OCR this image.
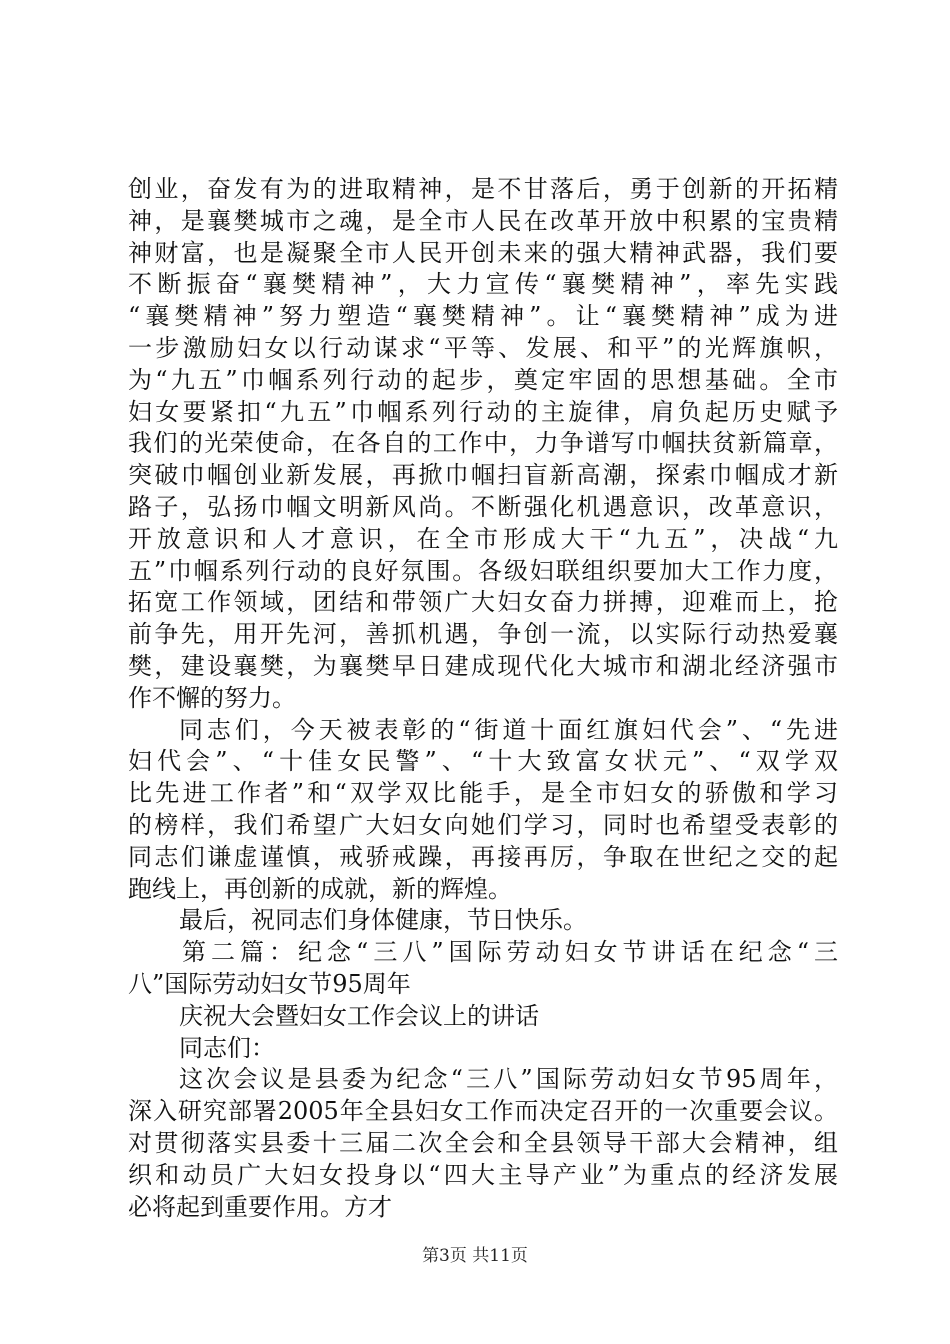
创业，奋发有为的进取精神，是不甘落后，勇于创新的开拓精
神，是襄樊城市之魂，是全市人民在改革开放中积累的宝贵精
神财富，也是凝聚全市人民开创未来的强大精神武器，我们要
不断振奋“襄樊精神”，大力宣传“襄樊精神”，率先实践
“襄樊精神”努力塑造“襄樊精神”。让“襄樊精神”成为进
一步激励妇女以行动谋求“平等、发展、和平”的光辉旗帜，
为“九五”巾帼系列行动的起步，奠定牢固的思想基础。全市
妇女要紧扣“九五”巾帼系列行动的主旋律，肩负起历史赋予
我们的光荣使命，在各自的工作中，力争谱写巾帼扶贫新篇章，
突破巾帼创业新发展，再掀巾帼扫盲新高潮，探索巾帼成才新
路子，弘扬巾帼文明新风尚。不断强化机遇意识，改革意识，
开放意识和人才意识，在全市形成大干“九五”，决战“九
五”巾帼系列行动的良好氛围。各级妇联组织要加大工作力度，
拓宽工作领域，团结和带领广大妇女奋力拼搏，迎难而上，抢
前争先，用开先河，善抓机遇，争创一流，以实际行动热爱襄
樊，建设襄樊，为襄樊早日建成现代化大城市和湖北经济强市
作不懈的努力。
同志们，今天被表彰的“街道十面红旗妇代会”、“先进
妇代会”、“十佳女民警”、“十大致富女状元”、“双学双
比先进工作者”和“双学双比能手，是全市妇女的骄傲和学习
的榜样，我们希望广大妇女向她们学习，同时也希望受表彰的
同志们谦虚谨慎，戒骄戒躁，再接再厉，争取在世纪之交的起
跑线上，再创新的成就，新的辉煌。
最后，祝同志们身体健康，节日快乐。
第二篇：纪念“三八”国际劳动妇女节讲话在纪念“三
八”国际劳动妇女节95周年
庆祝大会暨妇女工作会议上的讲话
同志们：
这次会议是县委为纪念“三八”国际劳动妇女节95周年，
深入研究部署2005年全县妇女工作而决定召开的一次重要会议。
对贯彻落实县委十三届二次全会和全县领导干部大会精神，组
织和动员广大妇女投身以“四大主导产业”为重点的经济发展
必将起到重要作用。方才
第3页 共11页
